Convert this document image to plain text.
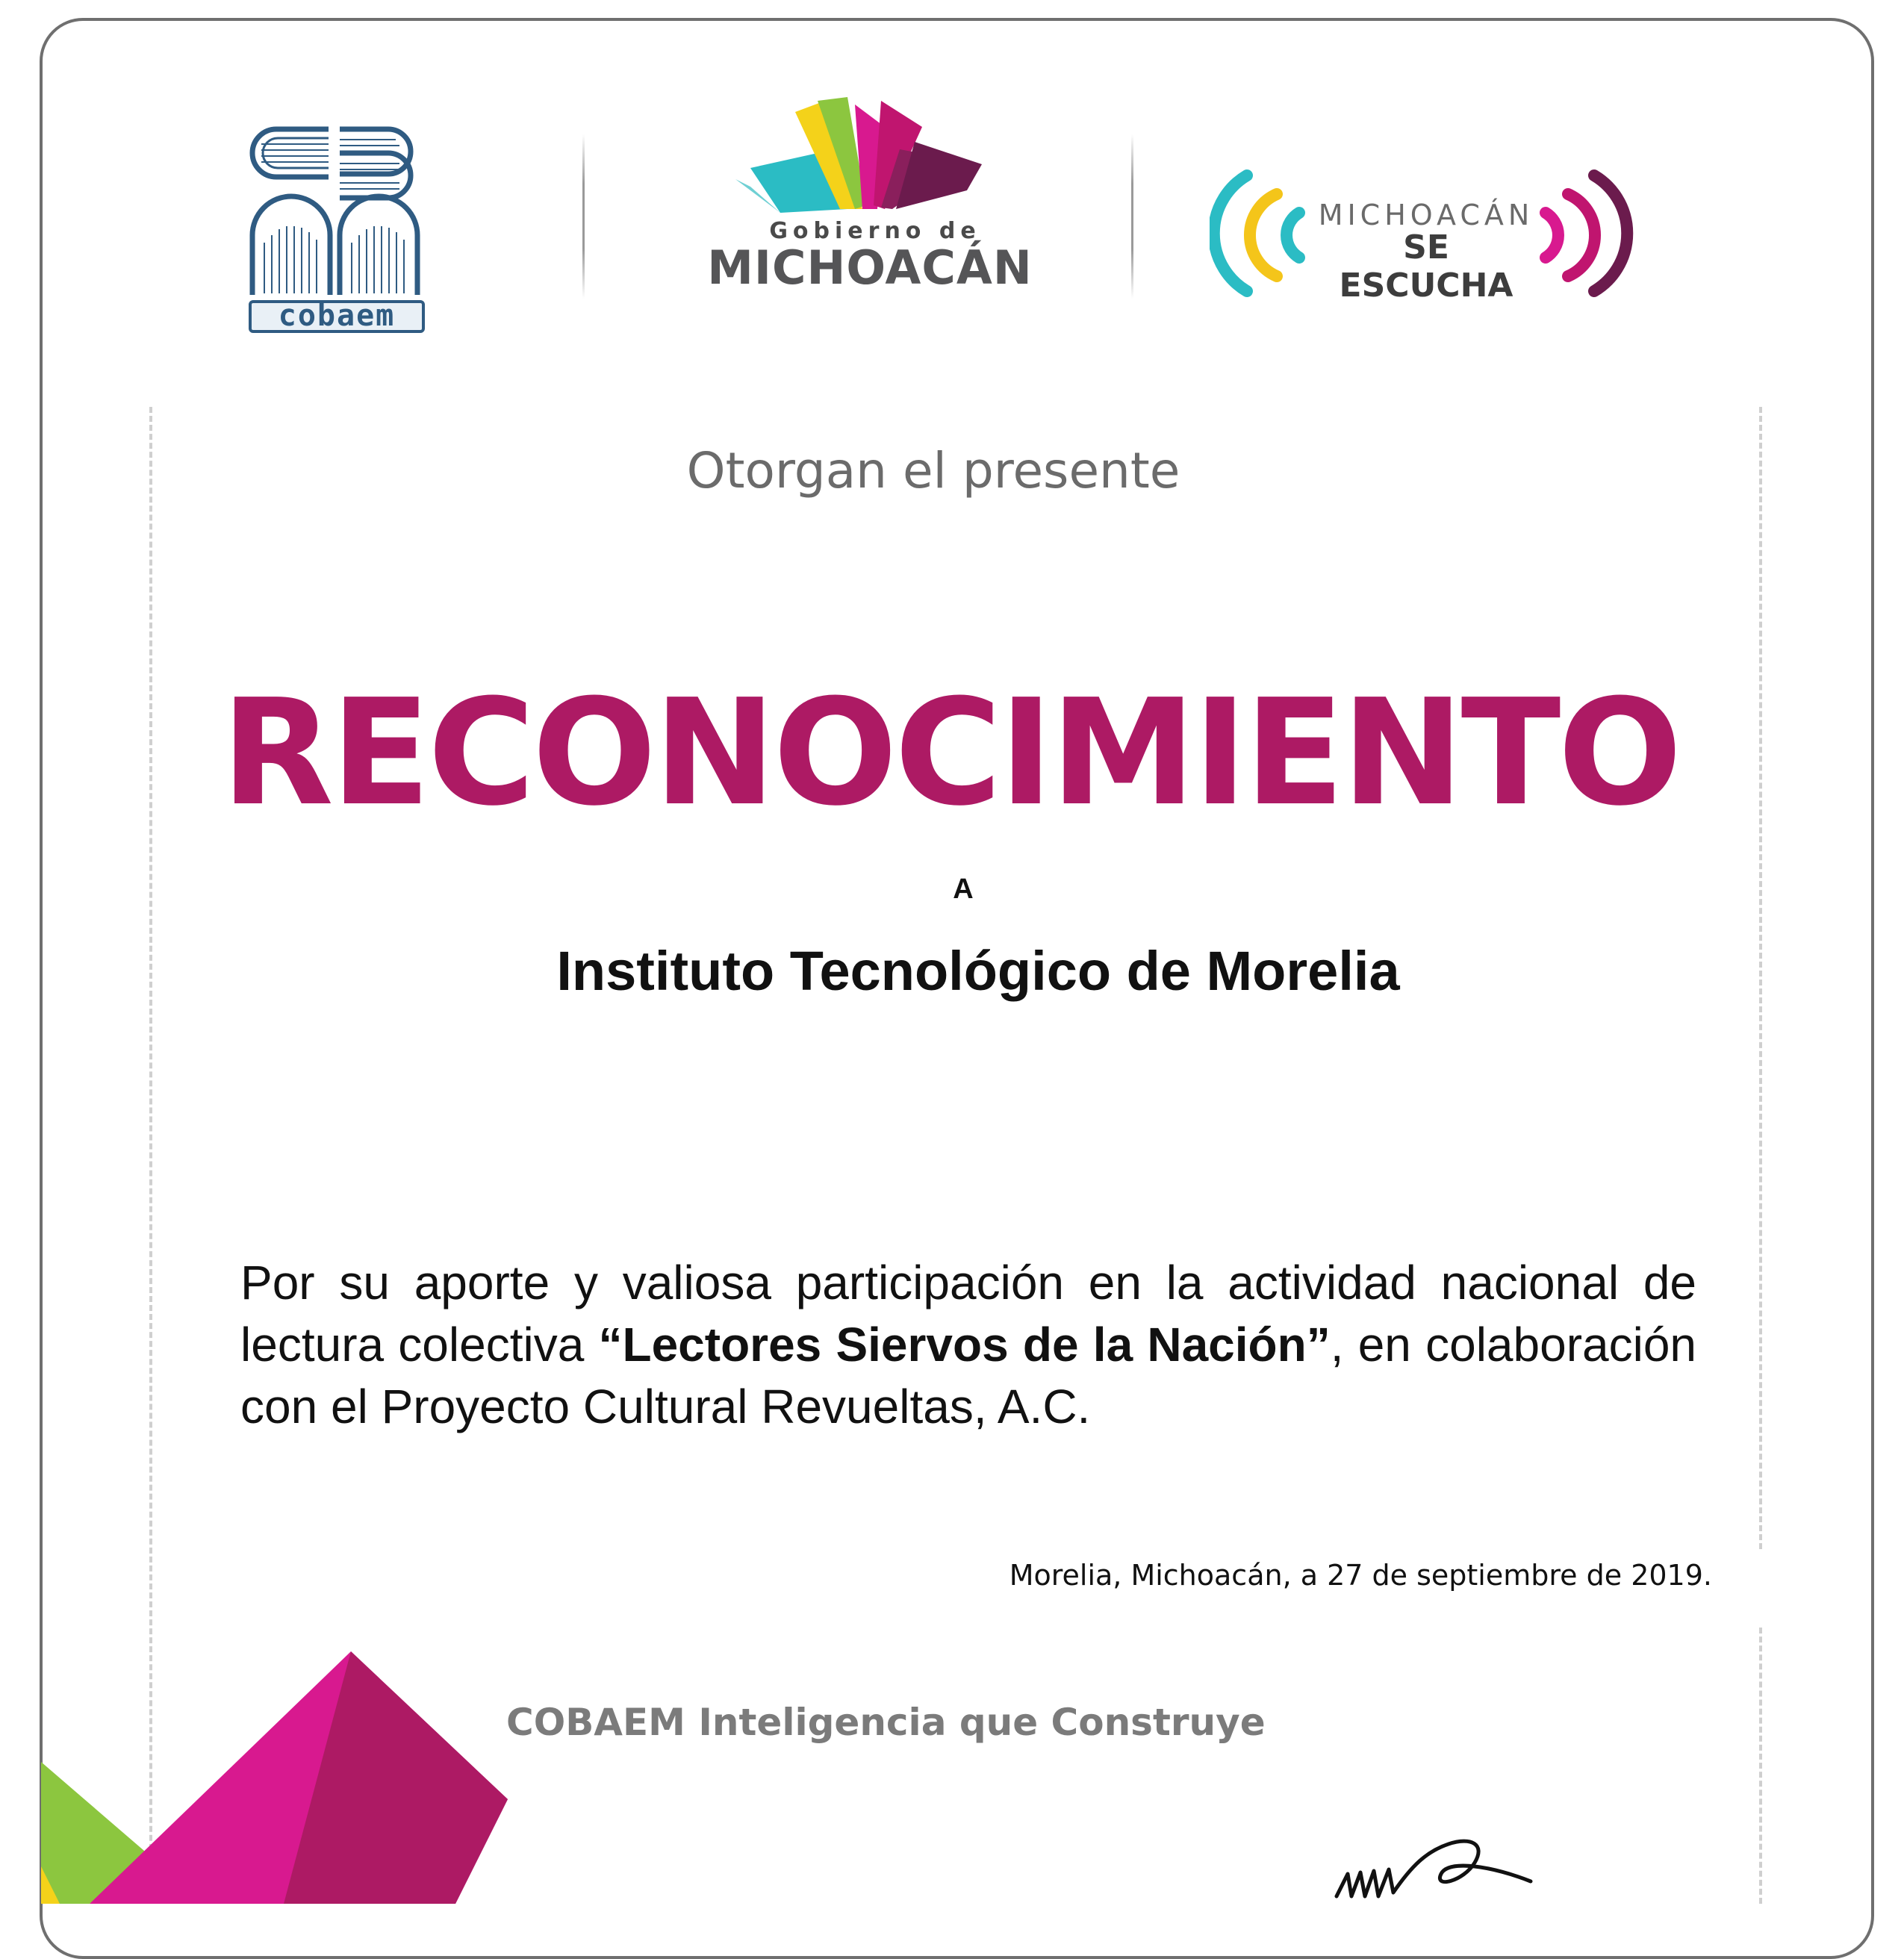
cobaem
Gobierno de
MICHOACÁN
MICHOACÁN
SE ESCUCHA
Otorgan el presente
RECONOCIMIENTO
A
Instituto Tecnológico de Morelia
Por su aporte y valiosa participación en la actividad nacional de lectura colectiva “Lectores Siervos de la Nación”, en colaboración con el Proyecto Cultural Revueltas, A.C.
Morelia, Michoacán, a 27 de septiembre de 2019.
COBAEM Inteligencia que Construye
